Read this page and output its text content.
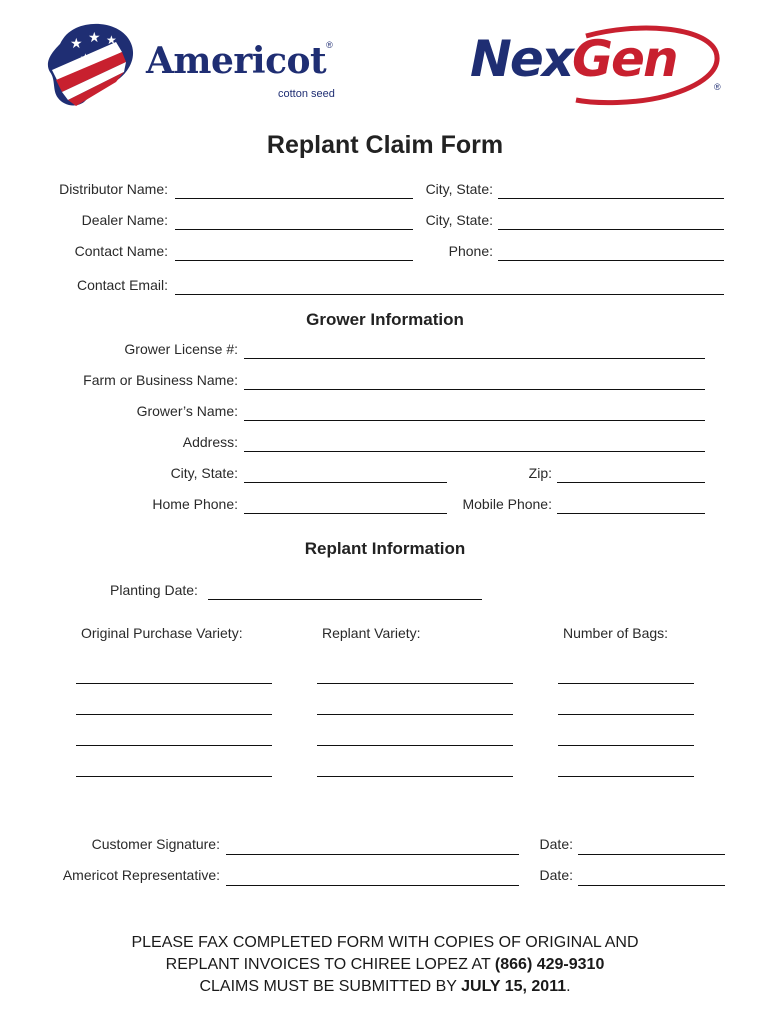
★ ★ ★
★ Americot®
cotton seed
NexGen	®
Replant Claim Form
Distributor Name:	City, State:
Dealer Name:	City, State:
Contact Name:	Phone:
Contact Email:
Grower Information
Grower License #:
Farm or Business Name:
Grower’s Name:
Address:
City, State:	Zip:
Home Phone:	Mobile Phone:
Replant Information
Planting Date:
Original Purchase Variety:	Replant Variety:	Number of Bags:
Customer Signature:	Date:
Americot Representative:	Date:
PLEASE FAX COMPLETED FORM WITH COPIES OF ORIGINAL AND
REPLANT INVOICES TO CHIREE LOPEZ AT (866) 429-9310
CLAIMS MUST BE SUBMITTED BY JULY 15, 2011.
